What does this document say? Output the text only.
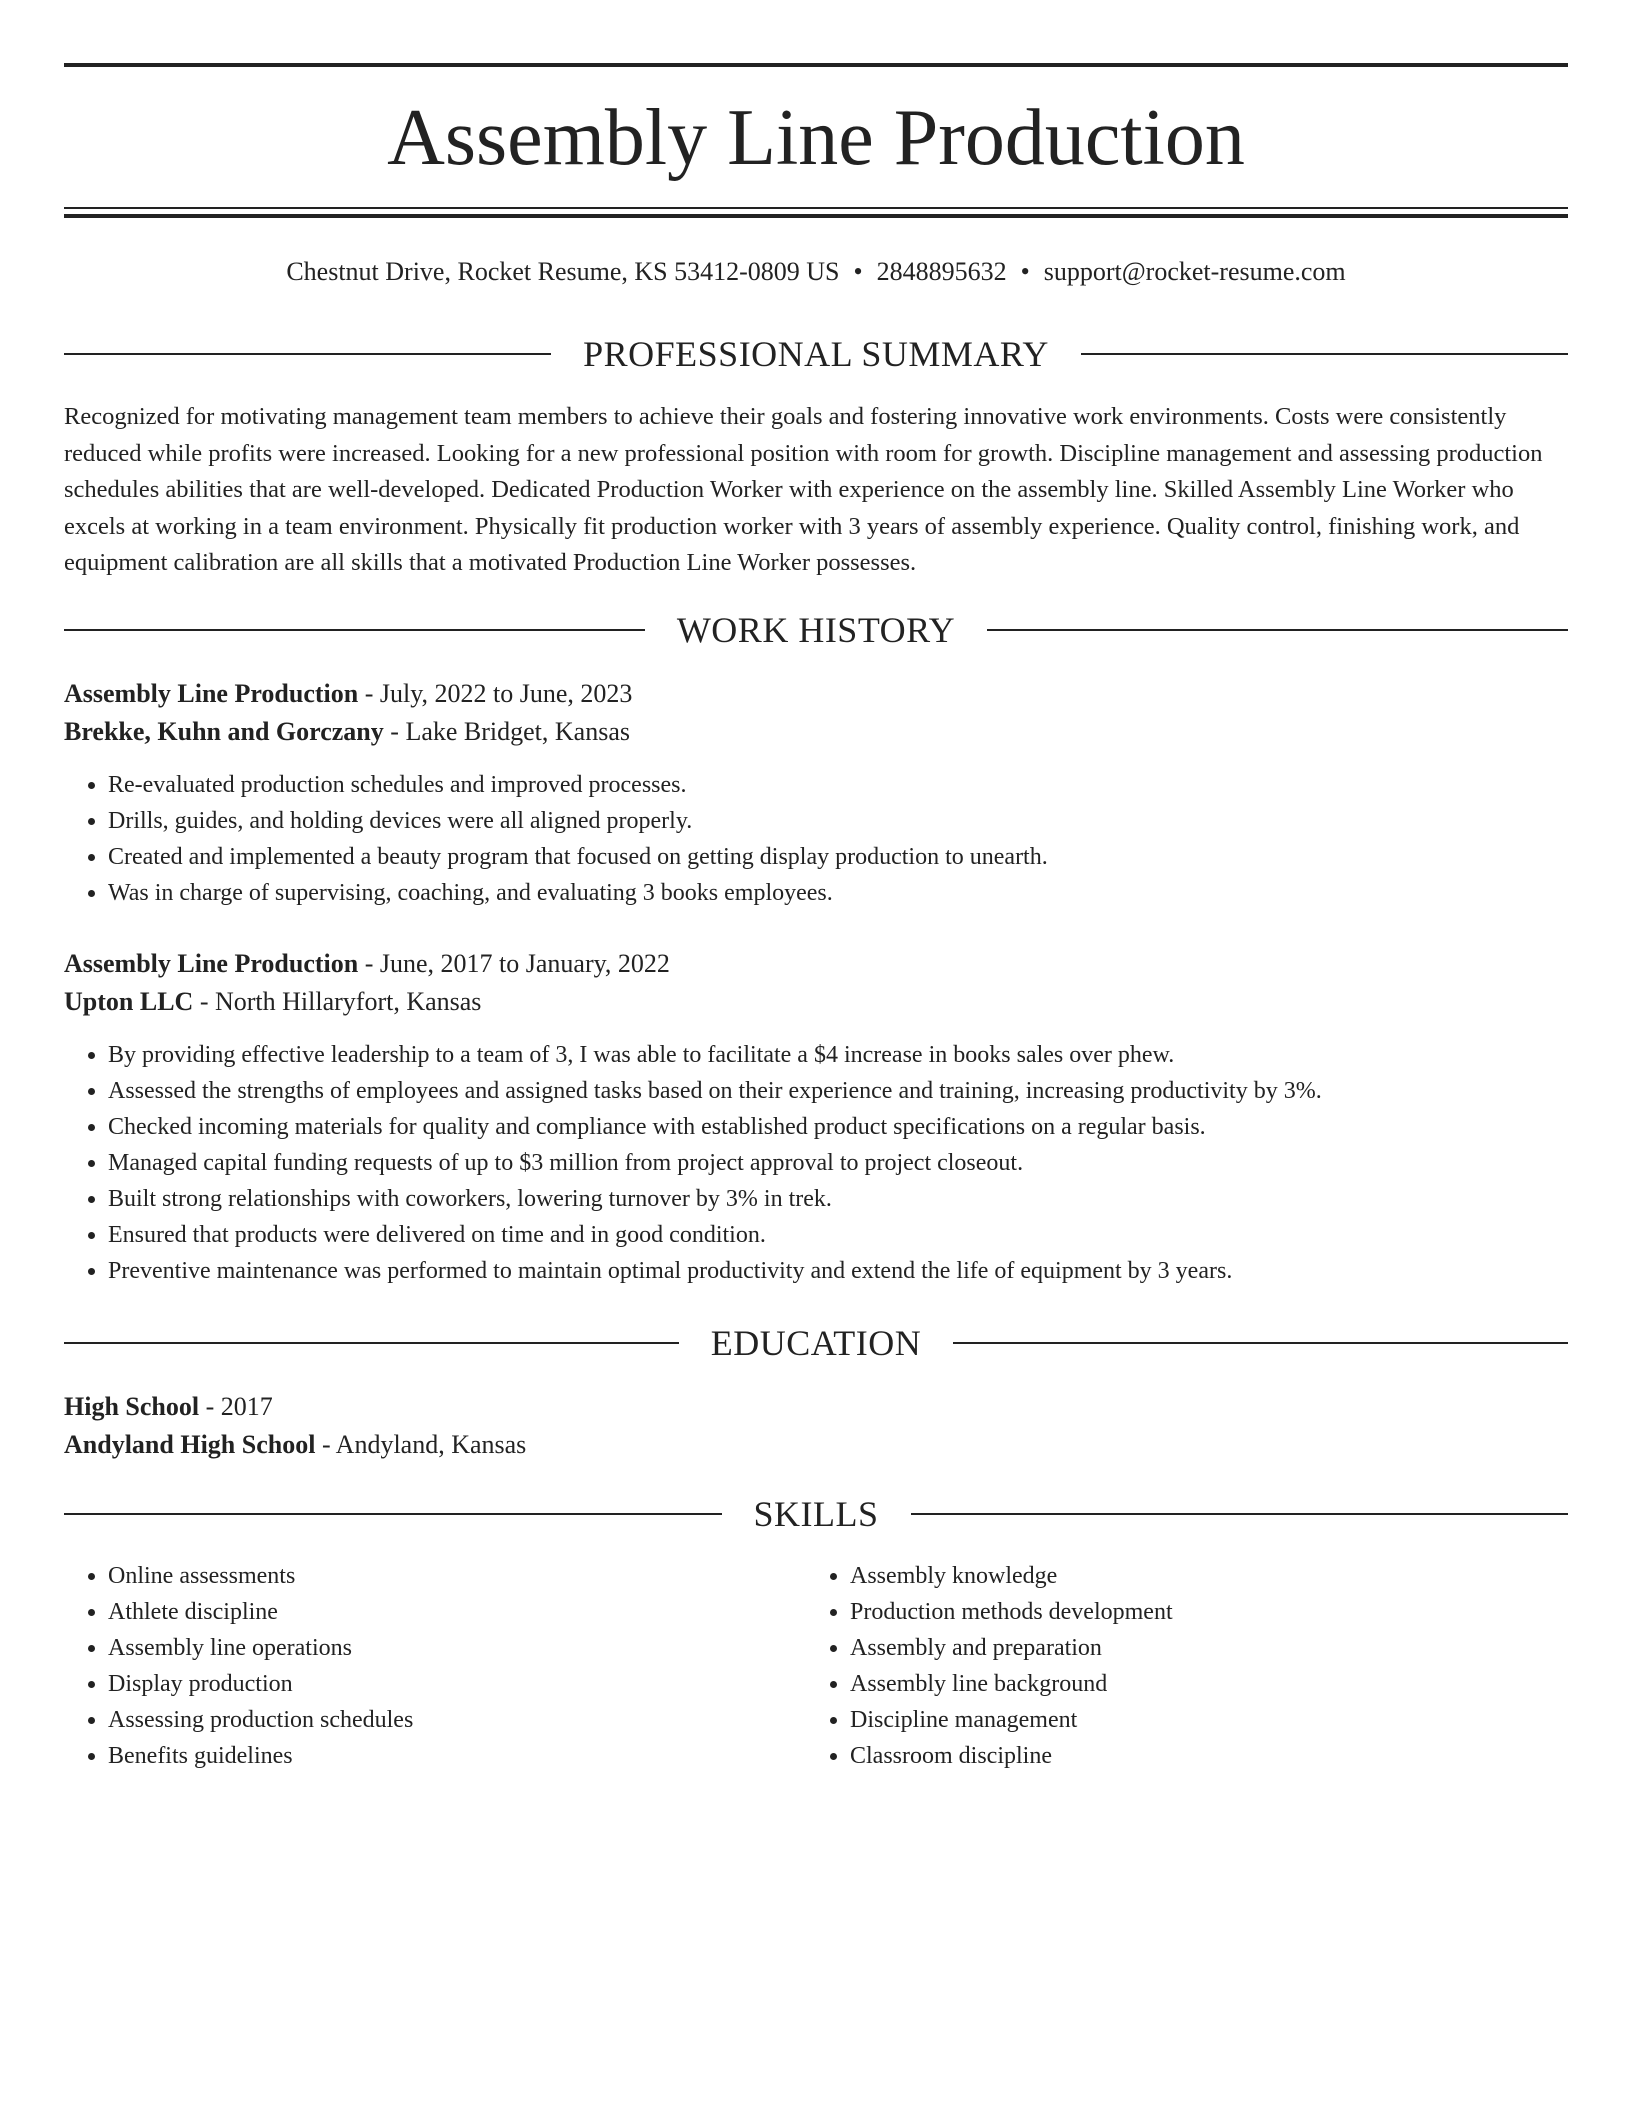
Assembly Line Production
Chestnut Drive, Rocket Resume, KS 53412-0809 US • 2848895632 • support@rocket-resume.com
PROFESSIONAL SUMMARY

Recognized for motivating management team members to achieve their goals and fostering innovative work environments. Costs were consistently reduced while profits were increased. Looking for a new professional position with room for growth. Discipline management and assessing production schedules abilities that are well-developed. Dedicated Production Worker with experience on the assembly line. Skilled Assembly Line Worker who excels at working in a team environment. Physically fit production worker with 3 years of assembly experience. Quality control, finishing work, and equipment calibration are all skills that a motivated Production Line Worker possesses.

WORK HISTORY
Assembly Line Production - July, 2022 to June, 2023
Brekke, Kuhn and Gorczany - Lake Bridget, Kansas
• Re-evaluated production schedules and improved processes.
• Drills, guides, and holding devices were all aligned properly.
• Created and implemented a beauty program that focused on getting display production to unearth.
• Was in charge of supervising, coaching, and evaluating 3 books employees.
Assembly Line Production - June, 2017 to January, 2022
Upton LLC - North Hillaryfort, Kansas
• By providing effective leadership to a team of 3, I was able to facilitate a $4 increase in books sales over phew.
• Assessed the strengths of employees and assigned tasks based on their experience and training, increasing productivity by 3%.
• Checked incoming materials for quality and compliance with established product specifications on a regular basis.
• Managed capital funding requests of up to $3 million from project approval to project closeout.
• Built strong relationships with coworkers, lowering turnover by 3% in trek.
• Ensured that products were delivered on time and in good condition.
• Preventive maintenance was performed to maintain optimal productivity and extend the life of equipment by 3 years.
EDUCATION
High School - 2017
Andyland High School - Andyland, Kansas
SKILLS
• Online assessments
• Athlete discipline
• Assembly line operations
• Display production
• Assessing production schedules
• Benefits guidelines
• Assembly knowledge
• Production methods development
• Assembly and preparation
• Assembly line background
• Discipline management
• Classroom discipline
